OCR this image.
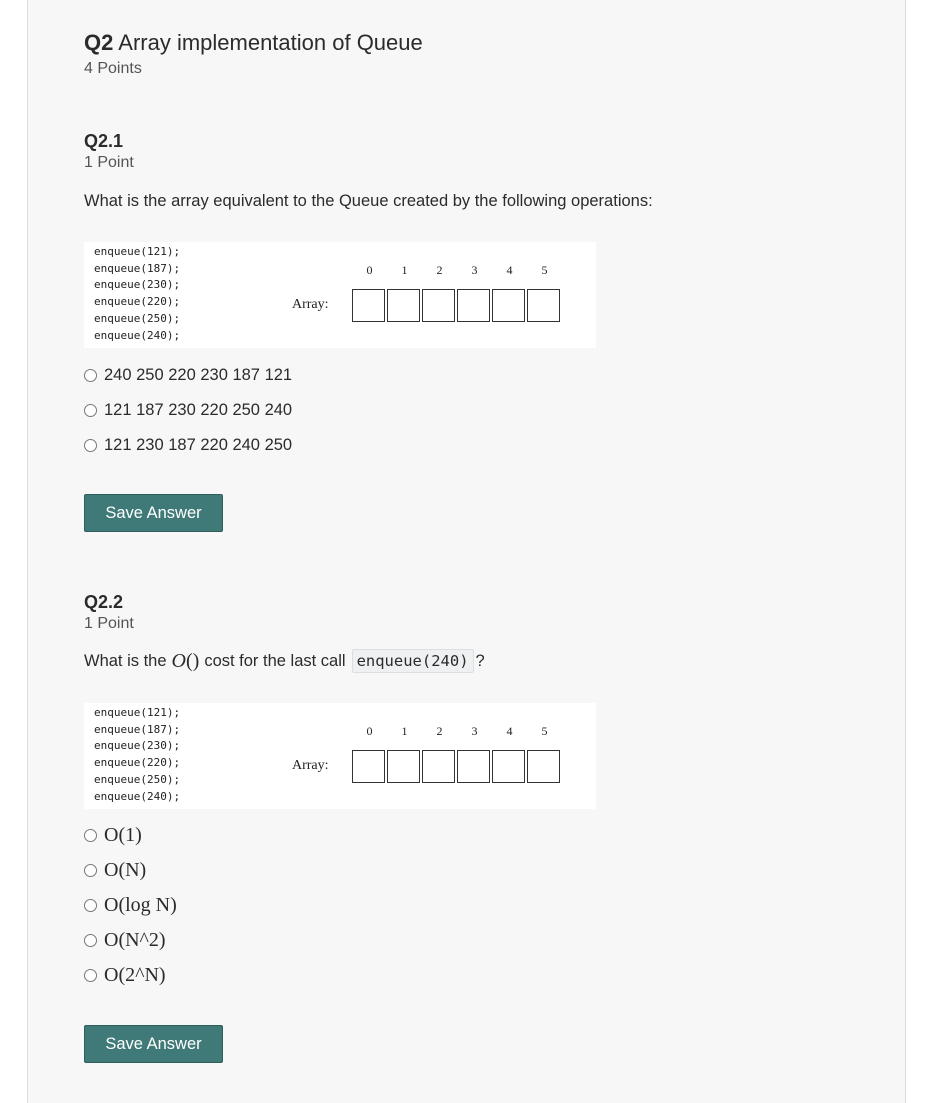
Q2 Array implementation of Queue
4 Points
Q2.1
1 Point
What is the array equivalent to the Queue created by the following operations:
enqueue(121);
enqueue(187);
enqueue(230);
enqueue(220);
enqueue(250);
enqueue(240);
Array:
0	1	2	3	4	5
240 250 220 230 187 121
121 187 230 220 250 240
121 230 187 220 240 250
Save Answer
Q2.2
1 Point
What is the O() cost for the last call enqueue(240) ?
enqueue(121);
enqueue(187);
enqueue(230);
enqueue(220);
enqueue(250);
enqueue(240);
Array:
0	1	2	3	4	5
O(1)
O(N)
O(log N)
O(N^2)
O(2^N)
Save Answer
